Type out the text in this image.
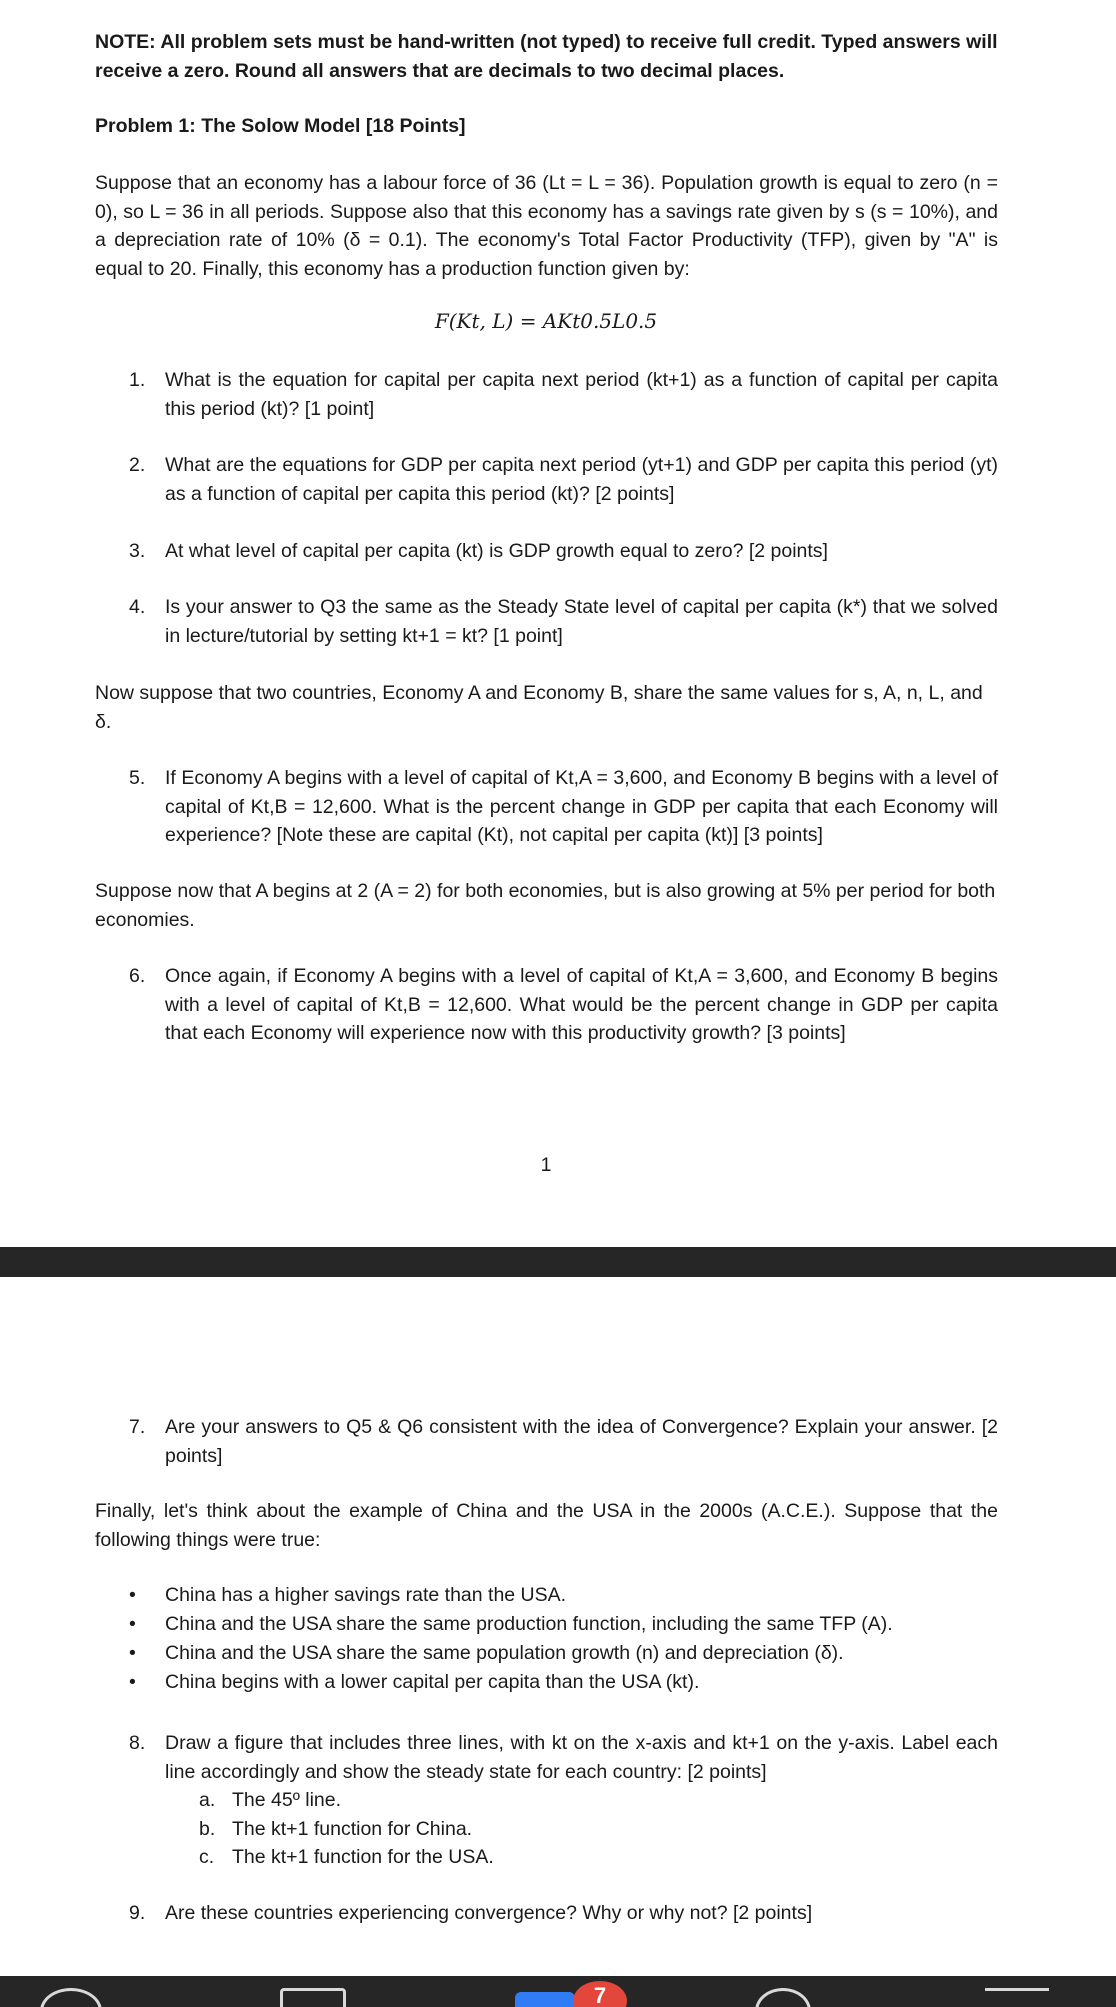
NOTE: All problem sets must be hand-written (not typed) to receive full credit. Typed answers will receive a zero. Round all answers that are decimals to two decimal places.

Problem 1: The Solow Model [18 Points]

Suppose that an economy has a labour force of 36 (Lt = L = 36). Population growth is equal to zero (n = 0), so L = 36 in all periods. Suppose also that this economy has a savings rate given by s (s = 10%), and a depreciation rate of 10% (δ = 0.1). The economy's Total Factor Productivity (TFP), given by "A" is equal to 20. Finally, this economy has a production function given by:

F(Kt, L) = AKt0.5L0.5
1.	What is the equation for capital per capita next period (kt+1) as a function of capital per capita this period (kt)? [1 point]
2.	What are the equations for GDP per capita next period (yt+1) and GDP per capita this period (yt) as a function of capital per capita this period (kt)? [2 points]
3.	At what level of capital per capita (kt) is GDP growth equal to zero? [2 points]
4.	Is your answer to Q3 the same as the Steady State level of capital per capita (k*) that we solved in lecture/tutorial by setting kt+1 = kt? [1 point]

Now suppose that two countries, Economy A and Economy B, share the same values for s, A, n, L, and δ.

5.	If Economy A begins with a level of capital of Kt,A = 3,600, and Economy B begins with a level of capital of Kt,B = 12,600. What is the percent change in GDP per capita that each Economy will experience? [Note these are capital (Kt), not capital per capita (kt)] [3 points]

Suppose now that A begins at 2 (A = 2) for both economies, but is also growing at 5% per period for both economies.

6.	Once again, if Economy A begins with a level of capital of Kt,A = 3,600, and Economy B begins with a level of capital of Kt,B = 12,600. What would be the percent change in GDP per capita that each Economy will experience now with this productivity growth? [3 points]
1
7.	Are your answers to Q5 & Q6 consistent with the idea of Convergence? Explain your answer. [2 points]

Finally, let's think about the example of China and the USA in the 2000s (A.C.E.). Suppose that the following things were true:

• China has a higher savings rate than the USA.
• China and the USA share the same production function, including the same TFP (A).
• China and the USA share the same population growth (n) and depreciation (δ).
• China begins with a lower capital per capita than the USA (kt).
8.	Draw a figure that includes three lines, with kt on the x-axis and kt+1 on the y-axis. Label each line accordingly and show the steady state for each country: [2 points]
a. The 45º line.
b. The kt+1 function for China.
c. The kt+1 function for the USA.
9.	Are these countries experiencing convergence? Why or why not? [2 points]
7
